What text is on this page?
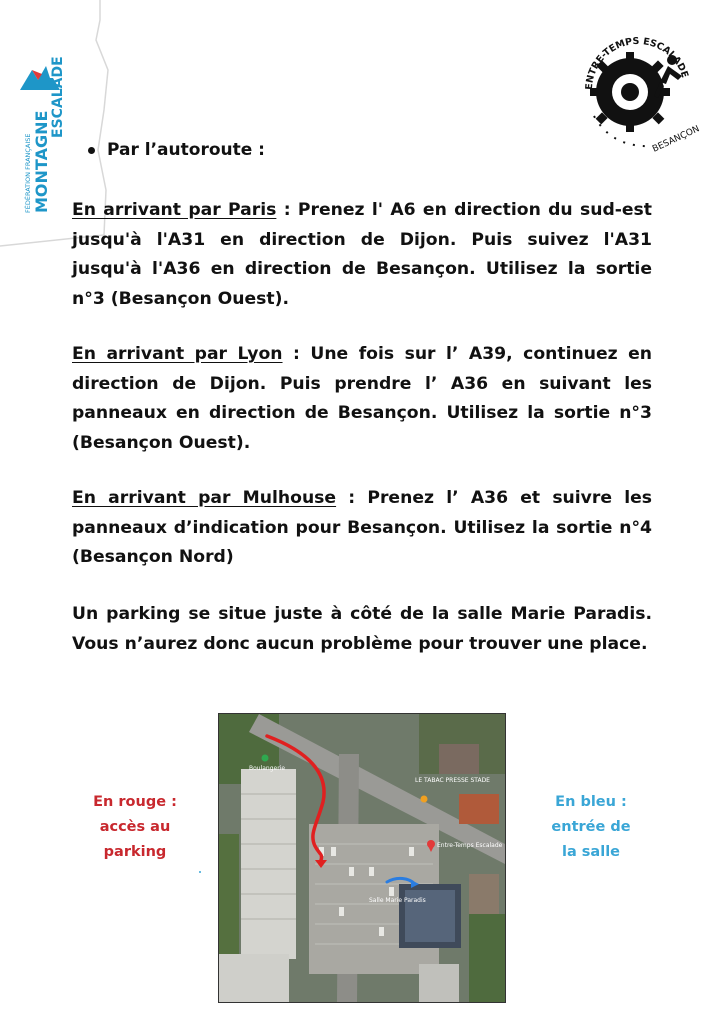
FÉDÉRATION FRANÇAISE MONTAGNE
ESCALADE	ENTRE-TEMPS ESCALADE
BESANÇON
Par l’autoroute :

En arrivant par Paris : Prenez l' A6 en direction du sud-est jusqu'à l'A31 en direction de Dijon. Puis suivez l'A31 jusqu'à l'A36 en direction de Besançon. Utilisez la sortie n°3 (Besançon Ouest).

En arrivant par Lyon : Une fois sur l’ A39, continuez en direction de Dijon. Puis prendre l’ A36 en suivant les panneaux en direction de Besançon. Utilisez la sortie n°3 (Besançon Ouest).

En arrivant par Mulhouse : Prenez l’ A36 et suivre les panneaux d’indication pour Besançon. Utilisez la sortie n°4 (Besançon Nord)

Un parking se situe juste à côté de la salle Marie Paradis. Vous n’aurez donc aucun problème pour trouver une place.

En rouge :
accès au
parking
En bleu :
entrée de
la salle
Entre-Temps Escalade
LE TABAC PRESSE STADE
Boulangerie
Salle Marie Paradis
